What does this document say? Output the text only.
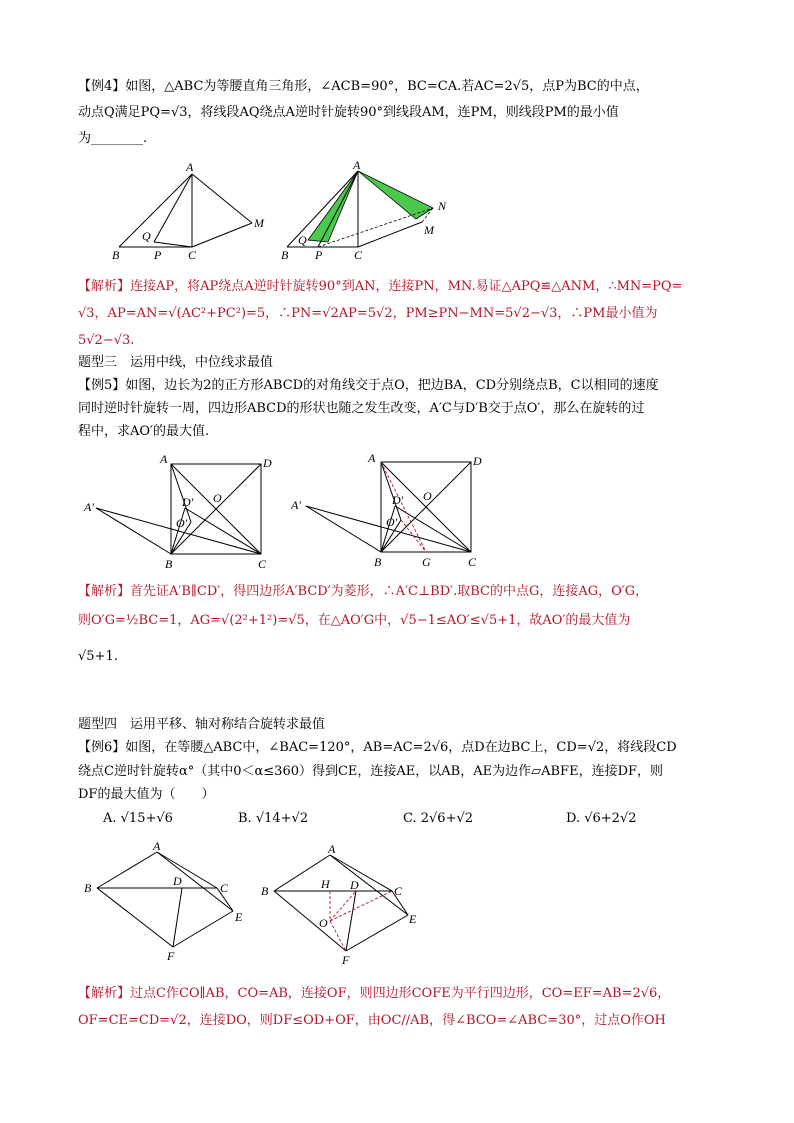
【例4】如图，△ABC为等腰直角三角形，∠ACB=90°，BC=CA.若AC=2√5，点P为BC的中点，
动点Q满足PQ=√3，将线段AQ绕点A逆时针旋转90°到线段AM，连PM，则线段PM的最小值
为________.
A
M
Q
B	P C
A
N
M
Q
B P	C
【解析】连接AP，将AP绕点A逆时针旋转90°到AN，连接PN，MN.易证△APQ≌△ANM，∴MN=PQ=
√3，AP=AN=√(AC²+PC²)=5，∴PN=√2AP=5√2，PM≥PN−MN=5√2−√3，∴PM最小值为
5√2−√3.
题型三　运用中线，中位线求最值
【例5】如图，边长为2的正方形ABCD的对角线交于点O，把边BA，CD分别绕点B，C以相同的速度
同时逆时针旋转一周，四边形ABCD的形状也随之发生改变，A′C与D′B交于点O′，那么在旋转的过
程中，求AO′的最大值.
A	D
A′	D′ O
O′
B	C
A	D
A′	D′ O
O′
B	G	C
【解析】首先证A′B∥CD′，得四边形A′BCD′为菱形，∴A′C⊥BD′.取BC的中点G，连接AG，O′G，
则O′G=½BC=1，AG=√(2²+1²)=√5，在△AO′G中，√5−1≤AO′≤√5+1，故AO′的最大值为
√5+1.
题型四　运用平移、轴对称结合旋转求最值
【例6】如图，在等腰△ABC中，∠BAC=120°，AB=AC=2√6，点D在边BC上，CD=√2，将线段CD
绕点C逆时针旋转α°（其中0＜α≤360）得到CE，连接AE，以AB，AE为边作▱ABFE，连接DF，则
DF的最大值为（　　）
A. √15+√6	B. √14+√2	C. 2√6+√2	D. √6+2√2
A
B	D	C
E
F
A
B	H D	C
O	E
F
【解析】过点C作CO∥AB，CO=AB，连接OF，则四边形COFE为平行四边形，CO=EF=AB=2√6，
OF=CE=CD=√2，连接DO，则DF≤OD+OF，由OC//AB，得∠BCO=∠ABC=30°，过点O作OH
